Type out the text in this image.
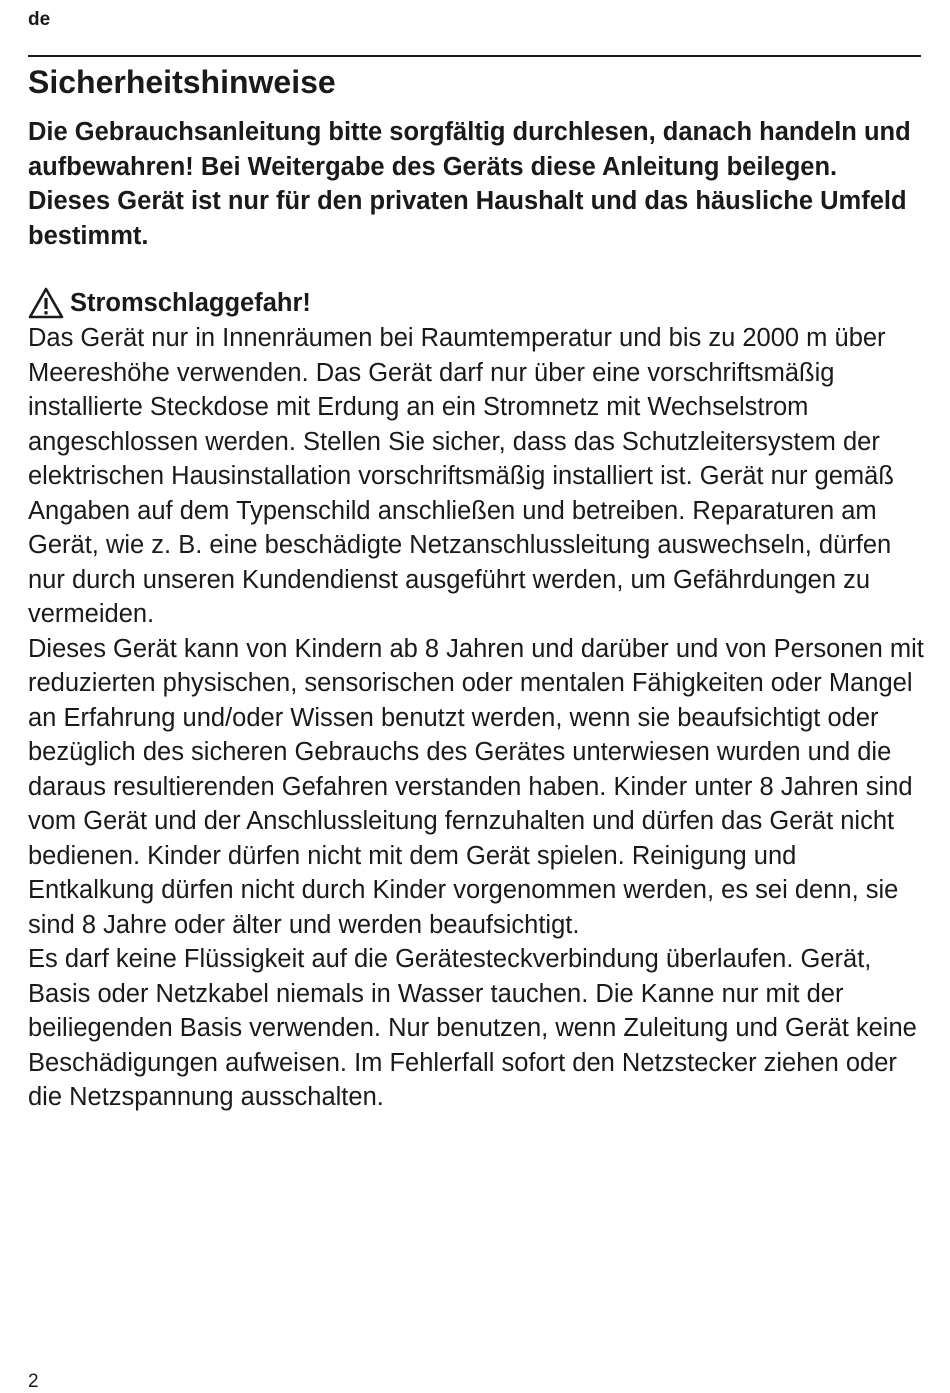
de
Sicherheitshinweise

Die Gebrauchsanleitung bitte sorgfältig durchlesen, danach handeln und aufbewahren! Bei Weitergabe des Geräts diese Anleitung beilegen. Dieses Gerät ist nur für den privaten Haushalt und das häusliche Umfeld bestimmt.

Stromschlaggefahr!

Das Gerät nur in Innenräumen bei Raumtemperatur und bis zu 2000 m über Meereshöhe verwenden. Das Gerät darf nur über eine vorschriftsmäßig installierte Steckdose mit Erdung an ein Stromnetz mit Wechselstrom angeschlossen werden. Stellen Sie sicher, dass das Schutzleitersystem der elektrischen Hausinstallation vorschriftsmäßig installiert ist. Gerät nur gemäß Angaben auf dem Typenschild anschließen und betreiben. Reparaturen am Gerät, wie z. B. eine beschädigte Netzanschlussleitung auswechseln, dürfen nur durch unseren Kundendienst ausgeführt werden, um Gefährdungen zu vermeiden.

Dieses Gerät kann von Kindern ab 8 Jahren und darüber und von Personen mit reduzierten physischen, sensorischen oder mentalen Fähigkeiten oder Mangel an Erfahrung und/oder Wissen benutzt werden, wenn sie beaufsichtigt oder bezüglich des sicheren Gebrauchs des Gerätes unterwiesen wurden und die daraus resultierenden Gefahren verstanden haben. Kinder unter 8 Jahren sind vom Gerät und der Anschlussleitung fernzuhalten und dürfen das Gerät nicht bedienen. Kinder dürfen nicht mit dem Gerät spielen. Reinigung und Entkalkung dürfen nicht durch Kinder vorgenommen werden, es sei denn, sie sind 8 Jahre oder älter und werden beaufsichtigt.

Es darf keine Flüssigkeit auf die Gerätesteckverbindung überlaufen. Gerät, Basis oder Netzkabel niemals in Wasser tauchen. Die Kanne nur mit der beiliegenden Basis verwenden. Nur benutzen, wenn Zuleitung und Gerät keine Beschädigungen aufweisen. Im Fehlerfall sofort den Netzstecker ziehen oder die Netzspannung ausschalten.

2
